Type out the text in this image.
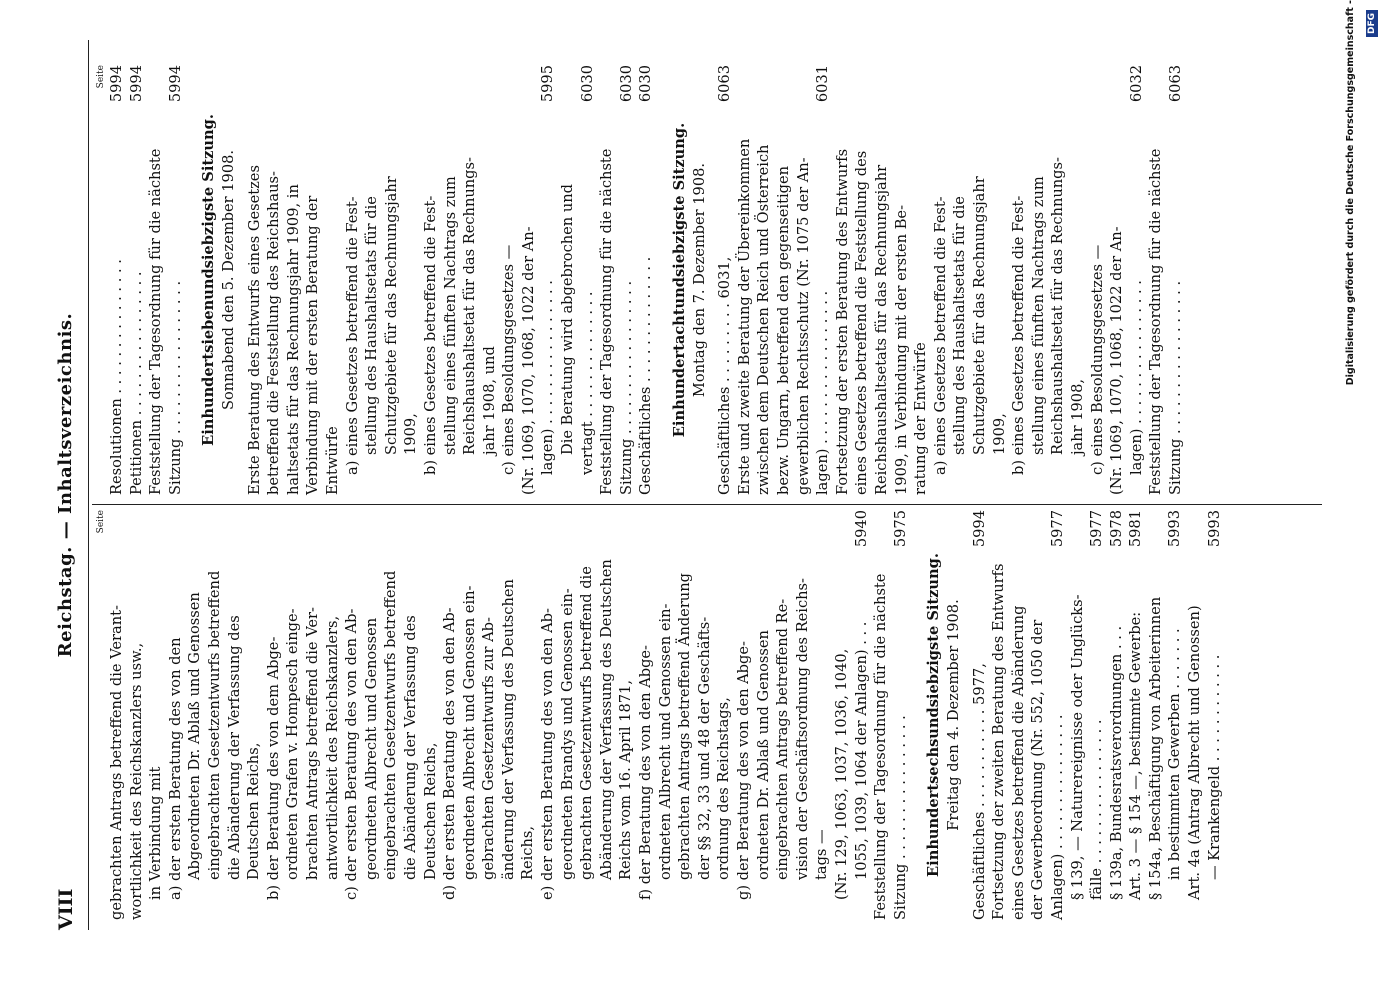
VIII
Reichstag. — Inhaltsverzeichnis. Seite
gebrachten Antrags betreffend die Verant- wortlichkeit des Reichskanzlers usw., in Verbindung mit a) der ersten Beratung des von den Abgeordneten Dr. Ablaß und Genossen eingebrachten Gesetzentwurfs betreffend die Abänderung der Verfassung des Deutschen Reichs, b) der Beratung des von dem Abge- ordneten Grafen v. Hompesch einge- brachten Antrags betreffend die Ver- antwortlichkeit des Reichskanzlers, c) der ersten Beratung des von den Ab- geordneten Albrecht und Genossen eingebrachten Gesetzentwurfs betreffend die Abänderung der Verfassung des Deutschen Reichs, d) der ersten Beratung des von den Ab- geordneten Albrecht und Genossen ein- gebrachten Gesetzentwurfs zur Ab- änderung der Verfassung des Deutschen Reichs, e) der ersten Beratung des von den Ab- geordneten Brandys und Genossen ein- gebrachten Gesetzentwurfs betreffend die Abänderung der Verfassung des Deutschen Reichs vom 16. April 1871, f) der Beratung des von den Abge- ordneten Albrecht und Genossen ein- gebrachten Antrags betreffend Änderung der §§ 32, 33 und 48 der Geschäfts- ordnung des Reichstags, g) der Beratung des von den Abge- ordneten Dr. Ablaß und Genossen eingebrachten Antrags betreffend Re- vision der Geschäftsordnung des Reichs- tags — (Nr. 129, 1063, 1037, 1036, 1040, 1055, 1039, 1064 der Anlagen) . . .
5940
Feststellung der Tagesordnung für die nächste Sitzung . . . . . . . . . . . . . . . .
5975
Einhundertsechsundsiebzigste Sitzung. Freitag den 4. Dezember 1908. Geschäftliches . . . . . . . . . . . 5977,
5994
Fortsetzung der zweiten Beratung des Entwurfs eines Gesetzes betreffend die Abänderung der Gewerbeordnung (Nr. 552, 1050 der Anlagen) . . . . . . . . . . . . . . .
5977
§ 139, — Naturereignisse oder Unglücks- fälle . . . . . . . . . . . . . . . .
5977
§ 139a, Bundesratsverordnungen . . .
5978
Art. 3 — § 154 —, bestimmte Gewerbe:
5981
§ 154a, Beschäftigung von Arbeiterinnen in bestimmten Gewerben . . . . . . .
5993
Art. 4a (Antrag Albrecht und Genossen) — Krankengeld . . . . . . . . . . . .
5993
Seite
Resolutionen . . . . . . . . . . . . . . .
5994
Petitionen . . . . . . . . . . . . . . . .
5994
Feststellung der Tagesordnung für die nächste Sitzung . . . . . . . . . . . . . . . . .
5994
Einhundertsiebenundsiebzigste Sitzung. Sonnabend den 5. Dezember 1908. Erste Beratung des Entwurfs eines Gesetzes betreffend die Feststellung des Reichshaus- haltsetats für das Rechnungsjahr 1909, in Verbindung mit der ersten Beratung der Entwürfe a) eines Gesetzes betreffend die Fest- stellung des Haushaltsetats für die Schutzgebiete für das Rechnungsjahr 1909, b) eines Gesetzes betreffend die Fest- stellung eines fünften Nachtrags zum Reichshaushaltsetat für das Rechnungs- jahr 1908, und c) eines Besoldungsgesetzes — (Nr. 1069, 1070, 1068, 1022 der An- lagen) . . . . . . . . . . . . . . . .
5995
Die Beratung wird abgebrochen und vertagt . . . . . . . . . . . . . .
6030
Feststellung der Tagesordnung für die nächste Sitzung . . . . . . . . . . . . . . . . .
6030
Geschäftliches . . . . . . . . . . . . . .
6030
Einhundertachtundsiebzigste Sitzung. Montag den 7. Dezember 1908. Geschäftliches . . . . . . . . . 6031,
6063
Erste und zweite Beratung der Übereinkommen zwischen dem Deutschen Reich und Österreich bezw. Ungarn, betreffend den gegenseitigen gewerblichen Rechtsschutz (Nr. 1075 der An- lagen) . . . . . . . . . . . . . . . . .
6031
Fortsetzung der ersten Beratung des Entwurfs eines Gesetzes betreffend die Feststellung des Reichshaushaltsetats für das Rechnungsjahr 1909, in Verbindung mit der ersten Be- ratung der Entwürfe a) eines Gesetzes betreffend die Fest- stellung des Haushaltsetats für die Schutzgebiete für das Rechnungsjahr 1909, b) eines Gesetzes betreffend die Fest- stellung eines fünften Nachtrags zum Reichshaushaltsetat für das Rechnungs- jahr 1908, c) eines Besoldungsgesetzes — (Nr. 1069, 1070, 1068, 1022 der An- lagen) . . . . . . . . . . . . . . . .
6032
Feststellung der Tagesordnung für die nächste Sitzung . . . . . . . . . . . . . . . . .
6063	Digitalisierung gefördert durch die Deutsche Forschungsgemeinschaft - DFG
